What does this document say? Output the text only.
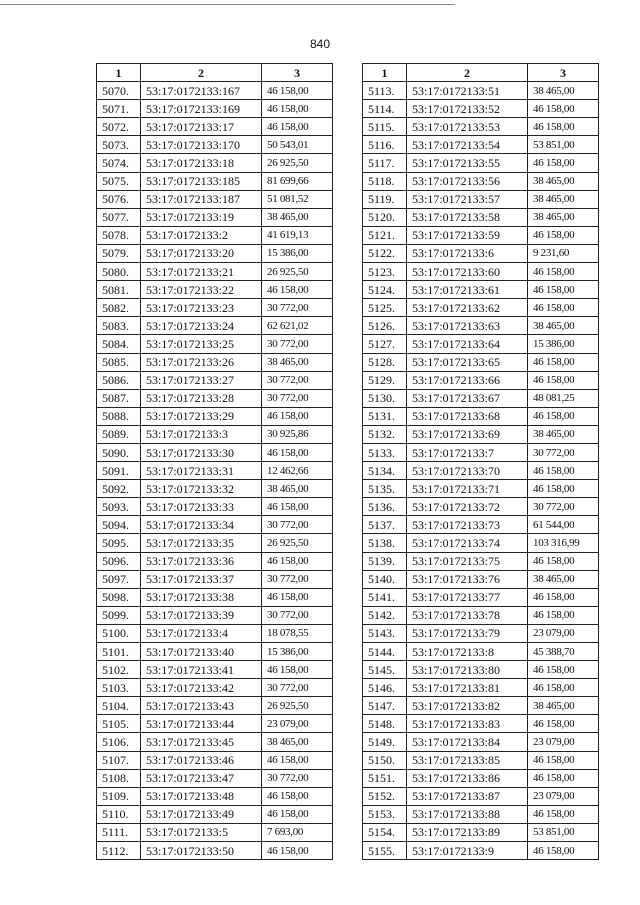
840
1	2	3
5070.	53:17:0172133:167	46 158,00
5071.	53:17:0172133:169	46 158,00
5072.	53:17:0172133:17	46 158,00
5073.	53:17:0172133:170	50 543,01
5074.	53:17:0172133:18	26 925,50
5075.	53:17:0172133:185	81 699,66
5076.	53:17:0172133:187	51 081,52
5077.	53:17:0172133:19	38 465,00
5078.	53:17:0172133:2	41 619,13
5079.	53:17:0172133:20	15 386,00
5080.	53:17:0172133:21	26 925,50
5081.	53:17:0172133:22	46 158,00
5082.	53:17:0172133:23	30 772,00
5083.	53:17:0172133:24	62 621,02
5084.	53:17:0172133:25	30 772,00
5085.	53:17:0172133:26	38 465,00
5086.	53:17:0172133:27	30 772,00
5087.	53:17:0172133:28	30 772,00
5088.	53:17:0172133:29	46 158,00
5089.	53:17:0172133:3	30 925,86
5090.	53:17:0172133:30	46 158,00
5091.	53:17:0172133:31	12 462,66
5092.	53:17:0172133:32	38 465,00
5093.	53:17:0172133:33	46 158,00
5094.	53:17:0172133:34	30 772,00
5095.	53:17:0172133:35	26 925,50
5096.	53:17:0172133:36	46 158,00
5097.	53:17:0172133:37	30 772,00
5098.	53:17:0172133:38	46 158,00
5099.	53:17:0172133:39	30 772,00
5100.	53:17:0172133:4	18 078,55
5101.	53:17:0172133:40	15 386,00
5102.	53:17:0172133:41	46 158,00
5103.	53:17:0172133:42	30 772,00
5104.	53:17:0172133:43	26 925,50
5105.	53:17:0172133:44	23 079,00
5106.	53:17:0172133:45	38 465,00
5107.	53:17:0172133:46	46 158,00
5108.	53:17:0172133:47	30 772,00
5109.	53:17:0172133:48	46 158,00
5110.	53:17:0172133:49	46 158,00
5111.	53:17:0172133:5	7 693,00
5112.	53:17:0172133:50	46 158,00
1	2	3
5113.	53:17:0172133:51	38 465,00
5114.	53:17:0172133:52	46 158,00
5115.	53:17:0172133:53	46 158,00
5116.	53:17:0172133:54	53 851,00
5117.	53:17:0172133:55	46 158,00
5118.	53:17:0172133:56	38 465,00
5119.	53:17:0172133:57	38 465,00
5120.	53:17:0172133:58	38 465,00
5121.	53:17:0172133:59	46 158,00
5122.	53:17:0172133:6	9 231,60
5123.	53:17:0172133:60	46 158,00
5124.	53:17:0172133:61	46 158,00
5125.	53:17:0172133:62	46 158,00
5126.	53:17:0172133:63	38 465,00
5127.	53:17:0172133:64	15 386,00
5128.	53:17:0172133:65	46 158,00
5129.	53:17:0172133:66	46 158,00
5130.	53:17:0172133:67	48 081,25
5131.	53:17:0172133:68	46 158,00
5132.	53:17:0172133:69	38 465,00
5133.	53:17:0172133:7	30 772,00
5134.	53:17:0172133:70	46 158,00
5135.	53:17:0172133:71	46 158,00
5136.	53:17:0172133:72	30 772,00
5137.	53:17:0172133:73	61 544,00
5138.	53:17:0172133:74	103 316,99
5139.	53:17:0172133:75	46 158,00
5140.	53:17:0172133:76	38 465,00
5141.	53:17:0172133:77	46 158,00
5142.	53:17:0172133:78	46 158,00
5143.	53:17:0172133:79	23 079,00
5144.	53:17:0172133:8	45 388,70
5145.	53:17:0172133:80	46 158,00
5146.	53:17:0172133:81	46 158,00
5147.	53:17:0172133:82	38 465,00
5148.	53:17:0172133:83	46 158,00
5149.	53:17:0172133:84	23 079,00
5150.	53:17:0172133:85	46 158,00
5151.	53:17:0172133:86	46 158,00
5152.	53:17:0172133:87	23 079,00
5153.	53:17:0172133:88	46 158,00
5154.	53:17:0172133:89	53 851,00
5155.	53:17:0172133:9	46 158,00
